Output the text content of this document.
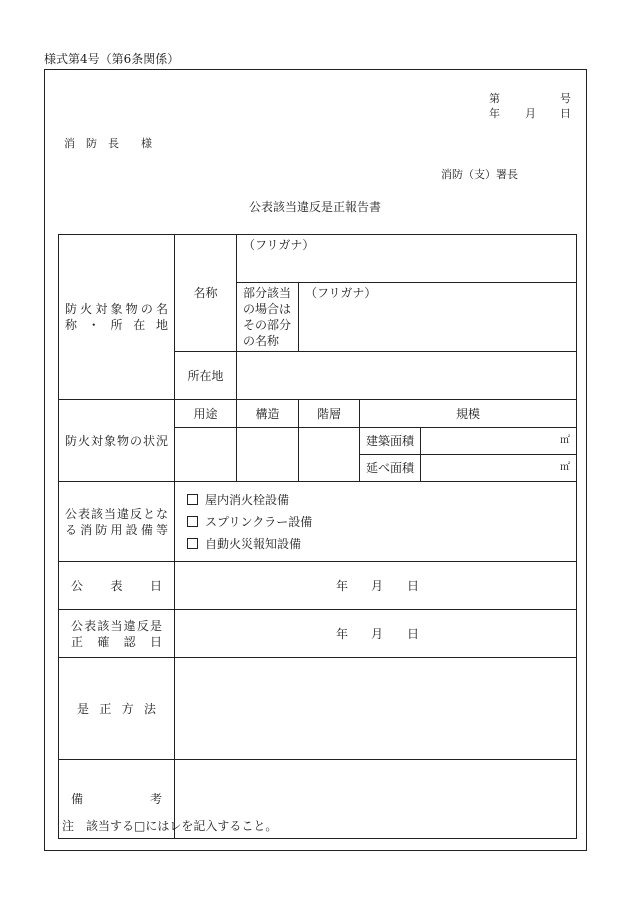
様式第4号（第6条関係）
第	号
年 月 日
消　防　長　　様
消防（支）署長
公表該当違反是正報告書
防火対象物の名称・所在地	名称	（フリガナ）			

		部分該当の場合はその部分の名称	（フリガナ）		
	所在地				

防火対象物の状況	用途	構造	階層	規模	
				建築面積	㎡
				延べ面積	㎡

公表該当違反となる消防用設備等	屋内消火栓設備
スプリンクラー設備
自動火災報知設備				

公表日	年 月 日				

公表該当違反是正確認日	年 月 日				

是正方法					

備考					

注　該当する□にはレを記入すること。
